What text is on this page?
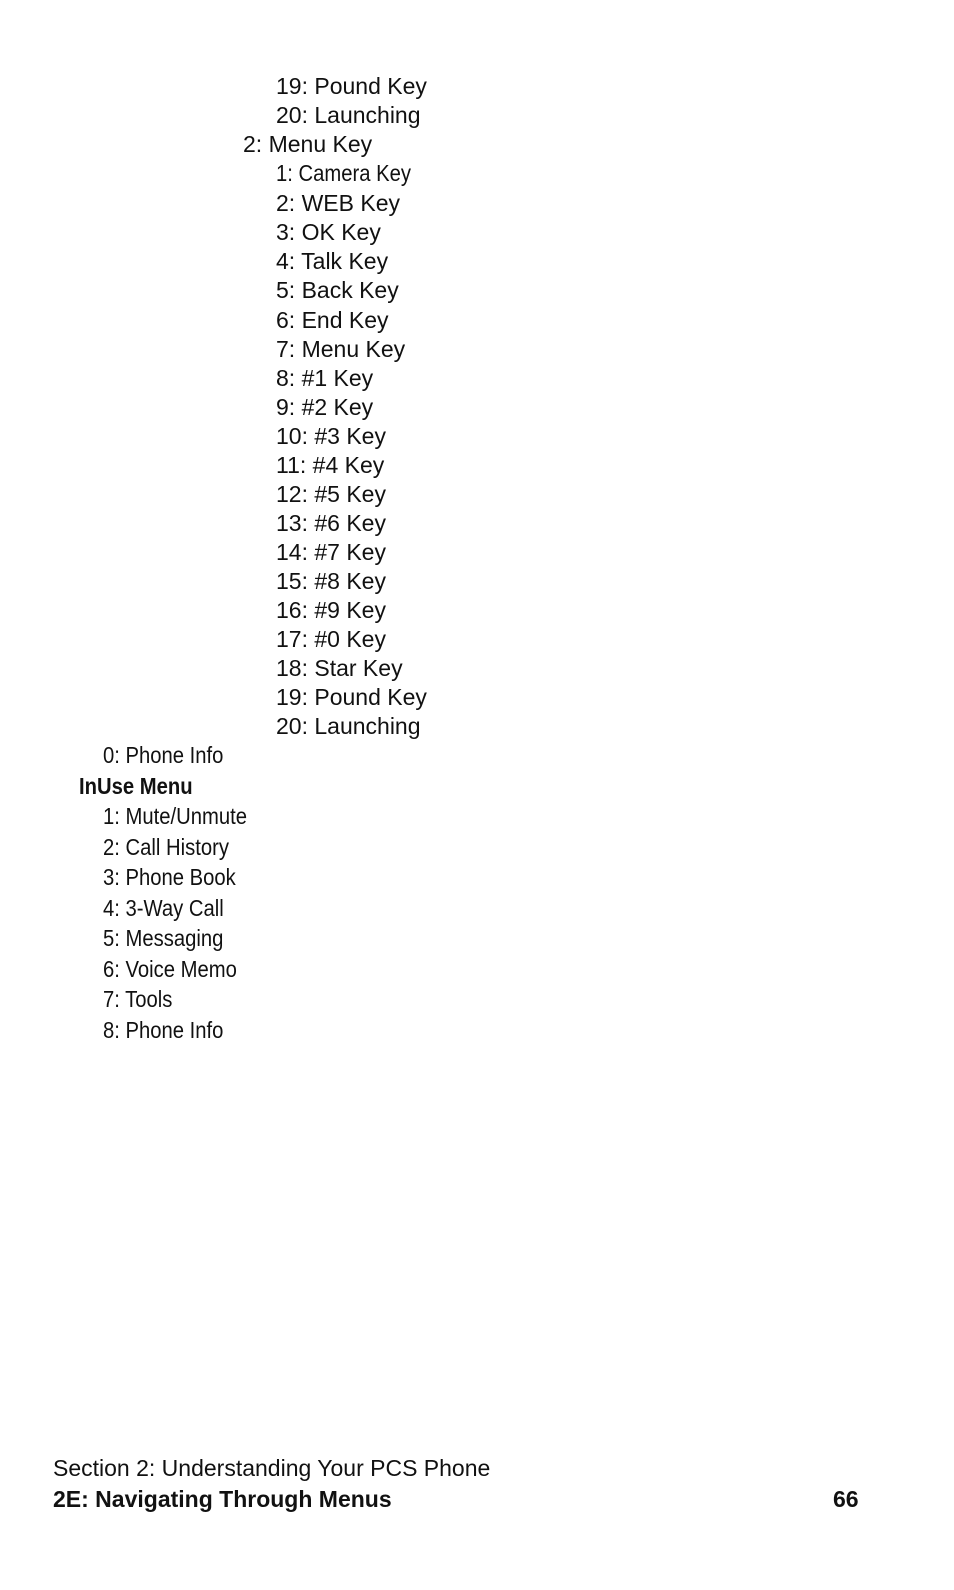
19: Pound Key
20: Launching
2: Menu Key
1: Camera Key
2: WEB Key
3: OK Key
4: Talk Key
5: Back Key
6: End Key
7: Menu Key
8: #1 Key
9: #2 Key
10: #3 Key
11: #4 Key
12: #5 Key
13: #6 Key
14: #7 Key
15: #8 Key
16: #9 Key
17: #0 Key
18: Star Key
19: Pound Key
20: Launching
0: Phone Info
InUse Menu
1: Mute/Unmute
2: Call History
3: Phone Book
4: 3-Way Call
5: Messaging
6: Voice Memo
7: Tools
8: Phone Info
Section 2: Understanding Your PCS Phone
2E: Navigating Through Menus	66
